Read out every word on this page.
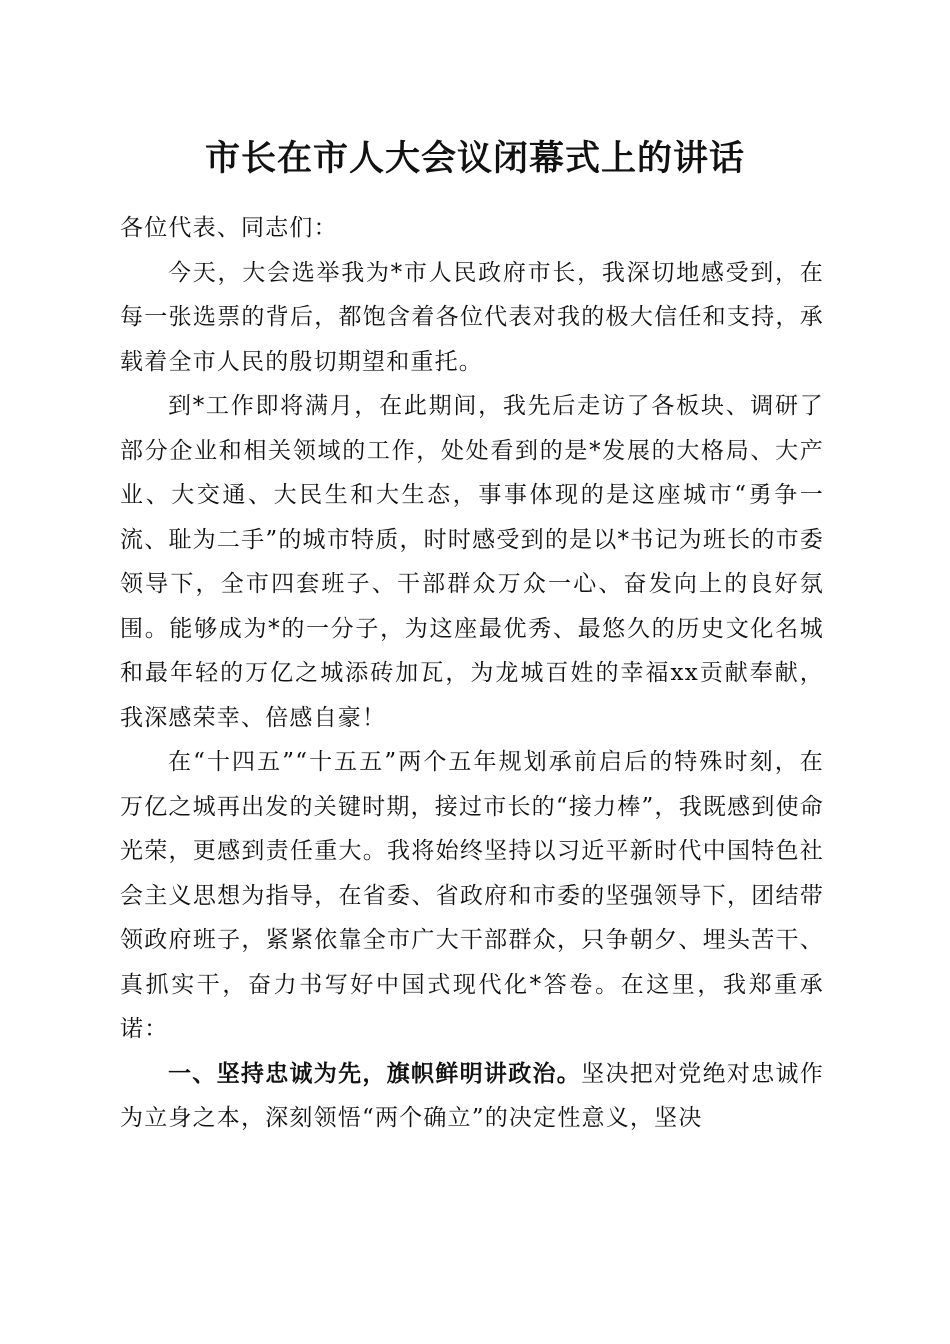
市长在市人大会议闭幕式上的讲话

各位代表、同志们：

今天，大会选举我为*市人民政府市长，我深切地感受到，在每一张选票的背后，都饱含着各位代表对我的极大信任和支持，承载着全市人民的殷切期望和重托。

到*工作即将满月，在此期间，我先后走访了各板块、调研了部分企业和相关领域的工作，处处看到的是*发展的大格局、大产业、大交通、大民生和大生态，事事体现的是这座城市“勇争一流、耻为二手”的城市特质，时时感受到的是以*书记为班长的市委领导下，全市四套班子、干部群众万众一心、奋发向上的良好氛围。能够成为*的一分子，为这座最优秀、最悠久的历史文化名城和最年轻的万亿之城添砖加瓦，为龙城百姓的幸福xx贡献奉献，我深感荣幸、倍感自豪！

在“十四五”“十五五”两个五年规划承前启后的特殊时刻，在万亿之城再出发的关键时期，接过市长的“接力棒”，我既感到使命光荣，更感到责任重大。我将始终坚持以习近平新时代中国特色社会主义思想为指导，在省委、省政府和市委的坚强领导下，团结带领政府班子，紧紧依靠全市广大干部群众，只争朝夕、埋头苦干、真抓实干，奋力书写好中国式现代化*答卷。在这里，我郑重承诺：

一、坚持忠诚为先，旗帜鲜明讲政治。坚决把对党绝对忠诚作为立身之本，深刻领悟“两个确立”的决定性意义，坚决
